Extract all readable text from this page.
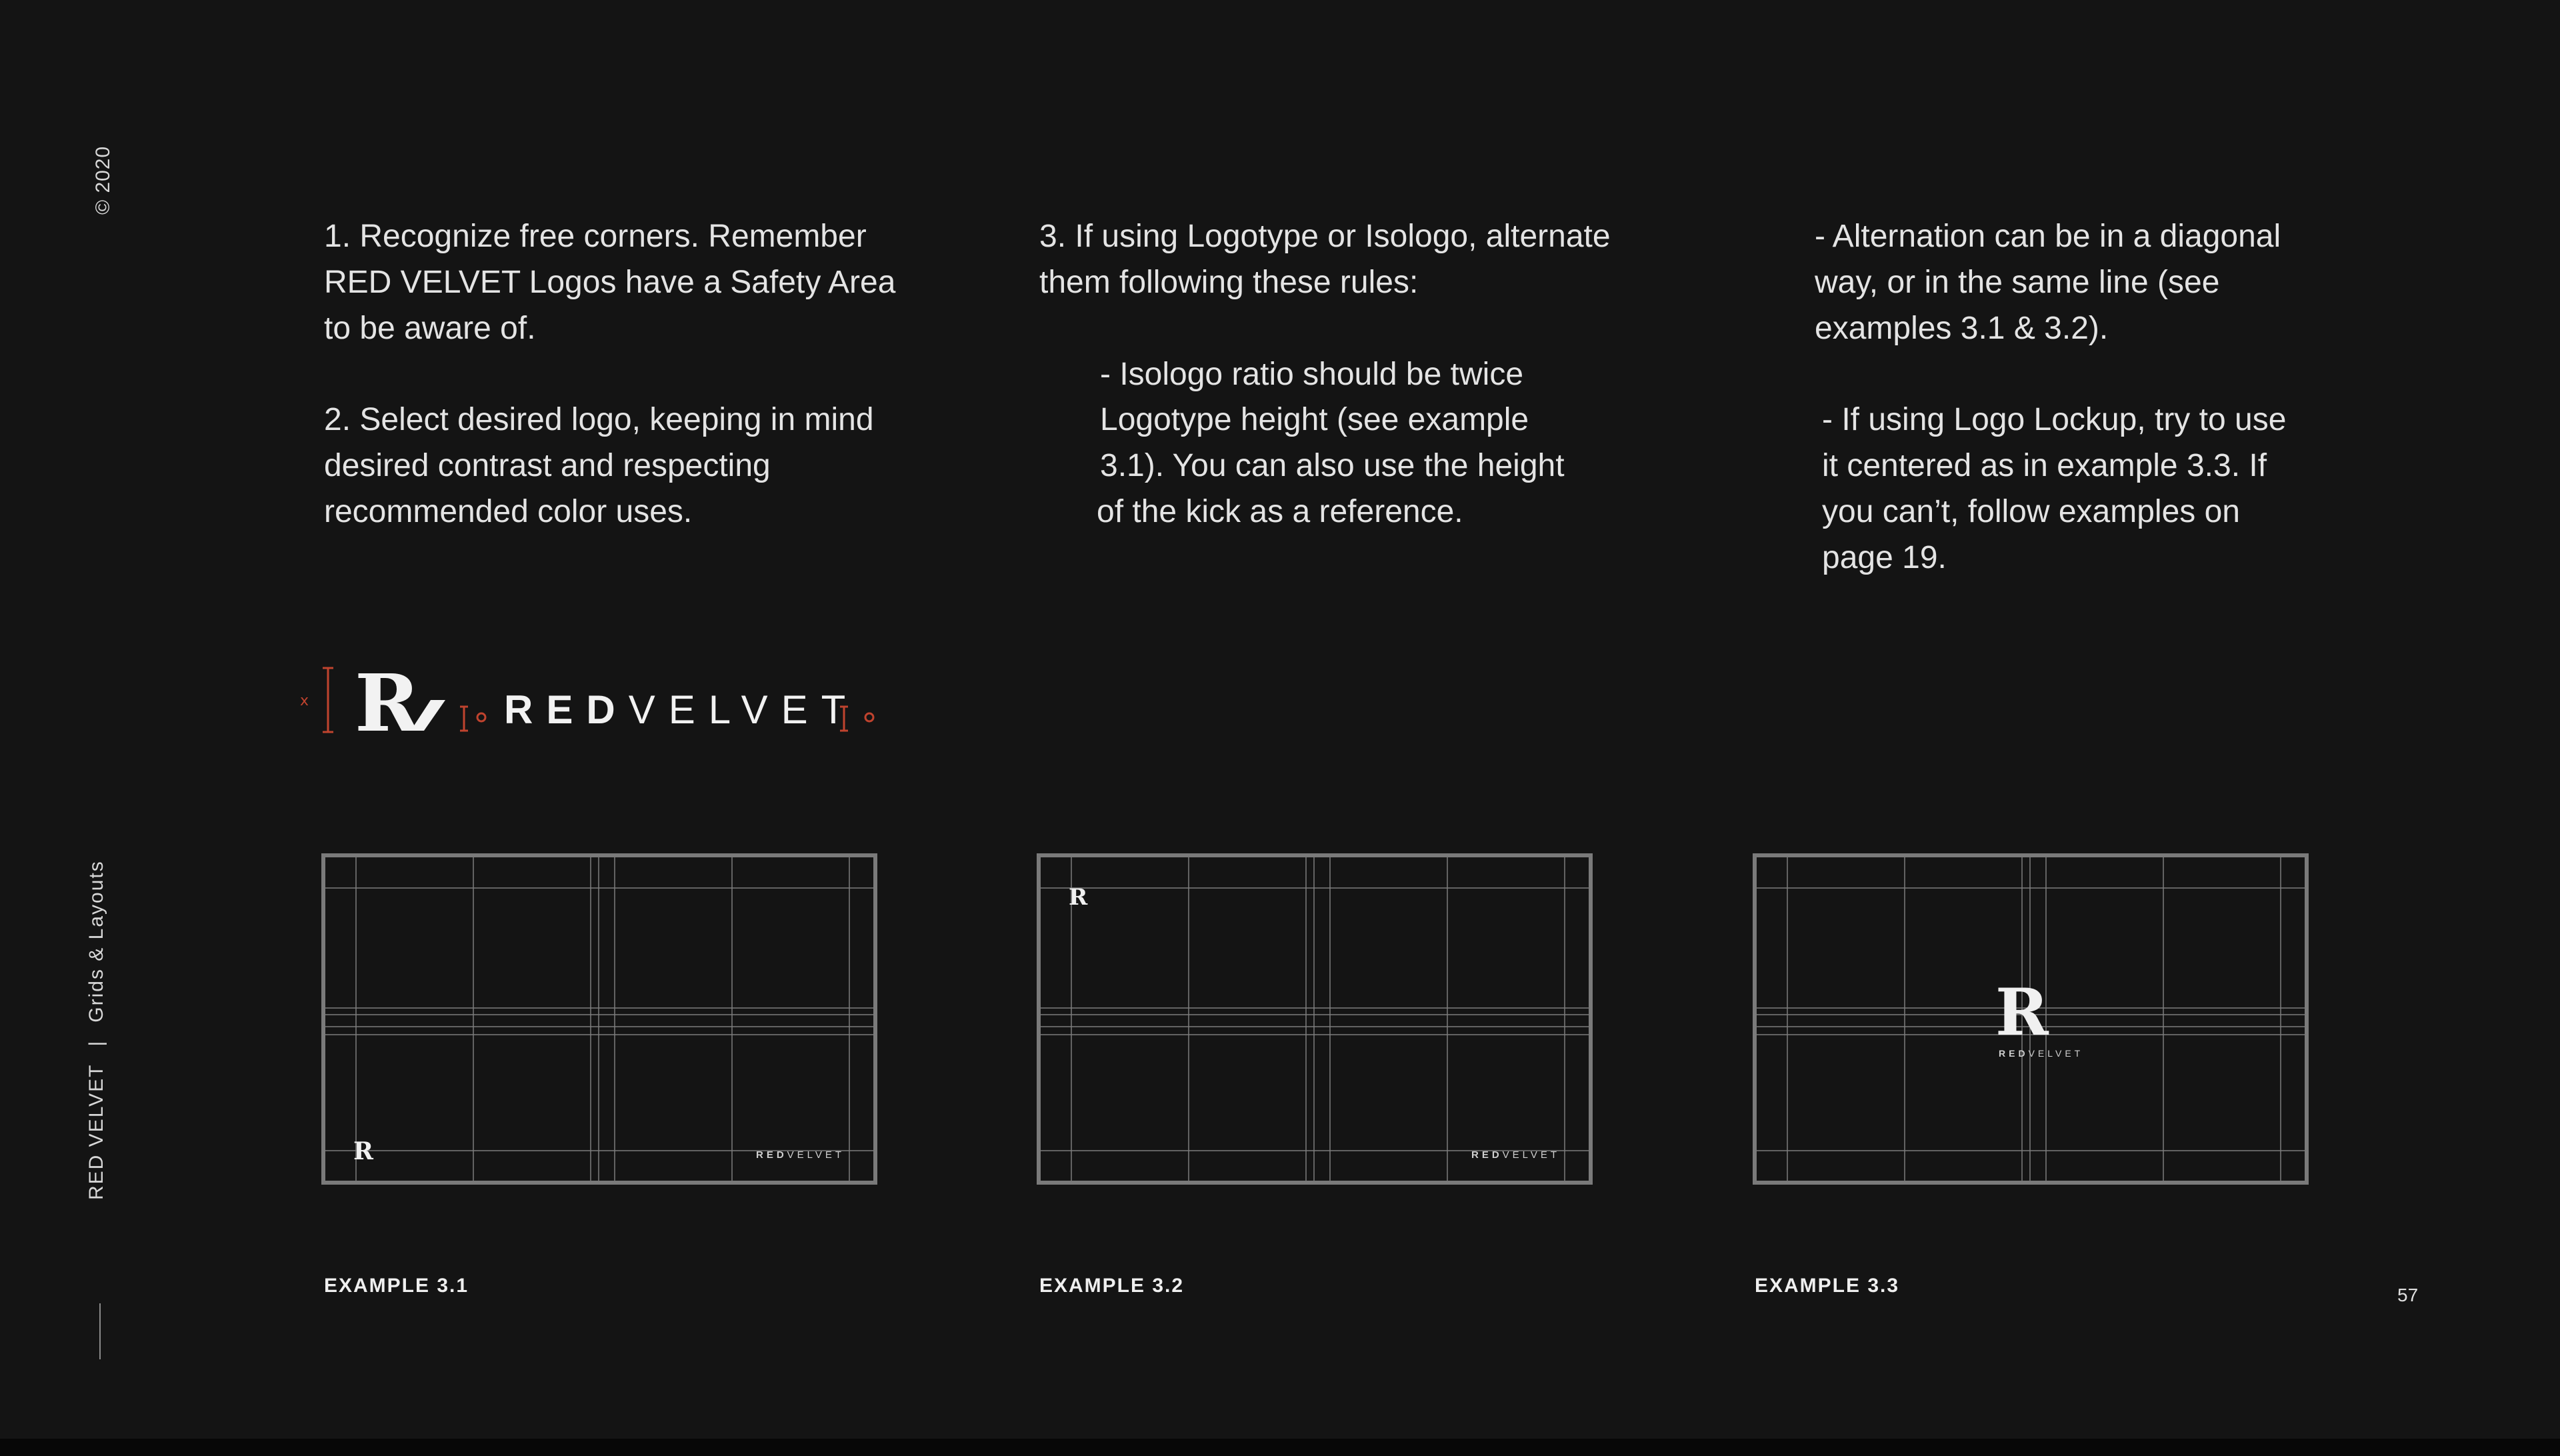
© 2020
RED VELVET|Grids & Layouts
1. Recognize free corners. Remember
RED VELVET Logos have a Safety Area
to be aware of.
2. Select desired logo, keeping in mind
desired contrast and respecting
recommended color uses.
3. If using Logotype or Isologo, alternate
them following these rules:
- Isologo ratio should be twice
Logotype height (see example
3.1). You can also use the height
of the kick as a reference.
- Alternation can be in a diagonal
way, or in the same line (see
examples 3.1 & 3.2).
- If using Logo Lockup, try to use
it centered as in example 3.3. If
you can’t, follow examples on
page 19.
x R REDVELVET
R	REDVELVET
R
REDVELVET
R
REDVELVET
EXAMPLE 3.1	EXAMPLE 3.2	EXAMPLE 3.3	57
